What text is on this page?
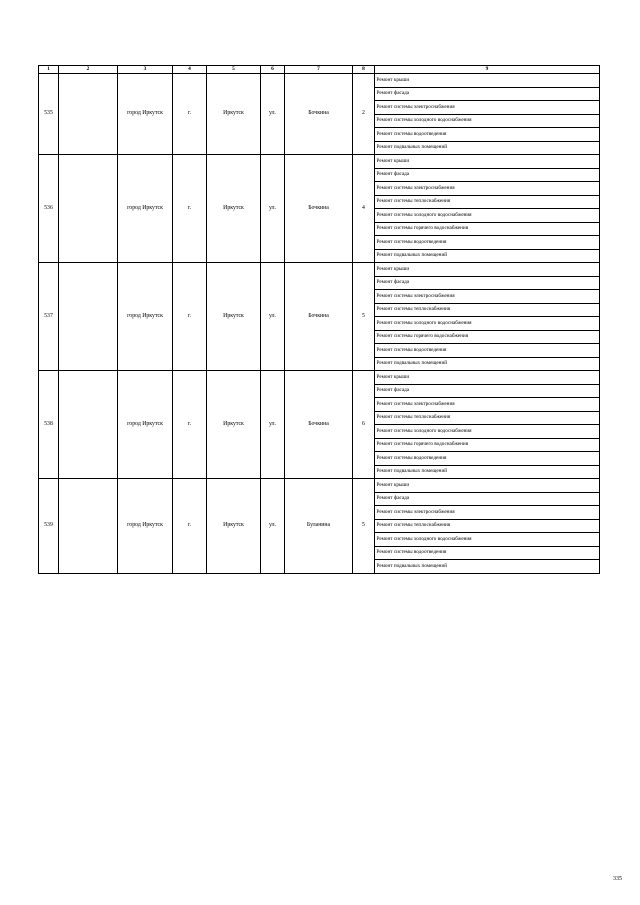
1	2	3	4	5	6	7	8	9
535		город Иркутск	г.	Иркутск	ул.	Бочкина	2	Ремонт крыши
								Ремонт фасада
								Ремонт системы электроснабжения
								Ремонт системы холодного водоснабжения
								Ремонт системы водоотведения
								Ремонт подвальных помещений
536		город Иркутск	г.	Иркутск	ул.	Бочкина	4	Ремонт крыши
								Ремонт фасада
								Ремонт системы электроснабжения
								Ремонт системы теплоснабжения
								Ремонт системы холодного водоснабжения
								Ремонт системы горячего водоснабжения
								Ремонт системы водоотведения
								Ремонт подвальных помещений
537		город Иркутск	г.	Иркутск	ул.	Бочкина	5	Ремонт крыши
								Ремонт фасада
								Ремонт системы электроснабжения
								Ремонт системы теплоснабжения
								Ремонт системы холодного водоснабжения
								Ремонт системы горячего водоснабжения
								Ремонт системы водоотведения
								Ремонт подвальных помещений
538		город Иркутск	г.	Иркутск	ул.	Бочкина	6	Ремонт крыши
								Ремонт фасада
								Ремонт системы электроснабжения
								Ремонт системы теплоснабжения
								Ремонт системы холодного водоснабжения
								Ремонт системы горячего водоснабжения
								Ремонт системы водоотведения
								Ремонт подвальных помещений
539		город Иркутск	г.	Иркутск	ул.	Буланина	5	Ремонт крыши
								Ремонт фасада
								Ремонт системы электроснабжения
								Ремонт системы теплоснабжения
								Ремонт системы холодного водоснабжения
								Ремонт системы водоотведения
								Ремонт подвальных помещений
335
